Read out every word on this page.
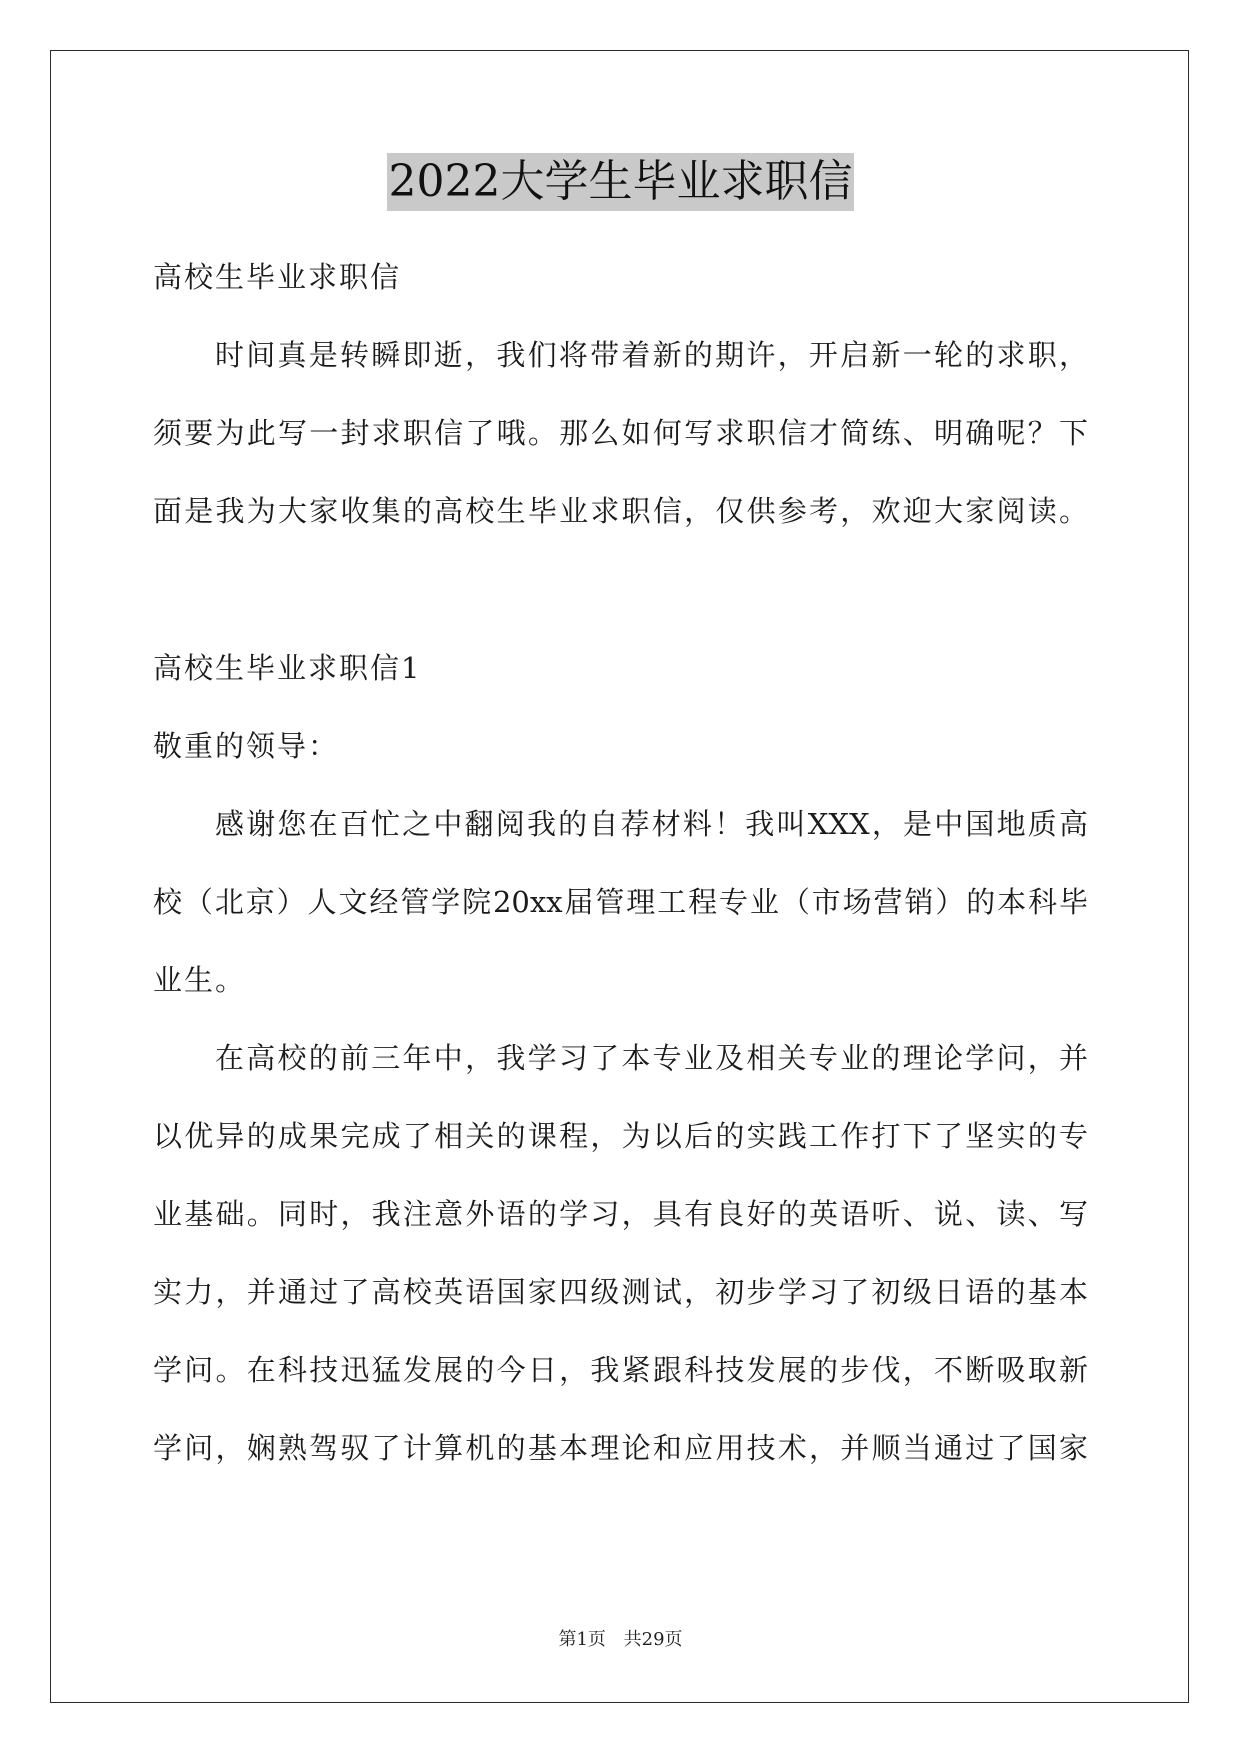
2022大学生毕业求职信
高校生毕业求职信
时间真是转瞬即逝，我们将带着新的期许，开启新一轮的求职，
须要为此写一封求职信了哦。那么如何写求职信才简练、明确呢？下
面是我为大家收集的高校生毕业求职信，仅供参考，欢迎大家阅读。
高校生毕业求职信1
敬重的领导：
感谢您在百忙之中翻阅我的自荐材料！我叫XXX，是中国地质高
校（北京）人文经管学院20xx届管理工程专业（市场营销）的本科毕
业生。
在高校的前三年中，我学习了本专业及相关专业的理论学问，并
以优异的成果完成了相关的课程，为以后的实践工作打下了坚实的专
业基础。同时，我注意外语的学习，具有良好的英语听、说、读、写
实力，并通过了高校英语国家四级测试，初步学习了初级日语的基本
学问。在科技迅猛发展的今日，我紧跟科技发展的步伐，不断吸取新
学问，娴熟驾驭了计算机的基本理论和应用技术，并顺当通过了国家
第1页 共29页
